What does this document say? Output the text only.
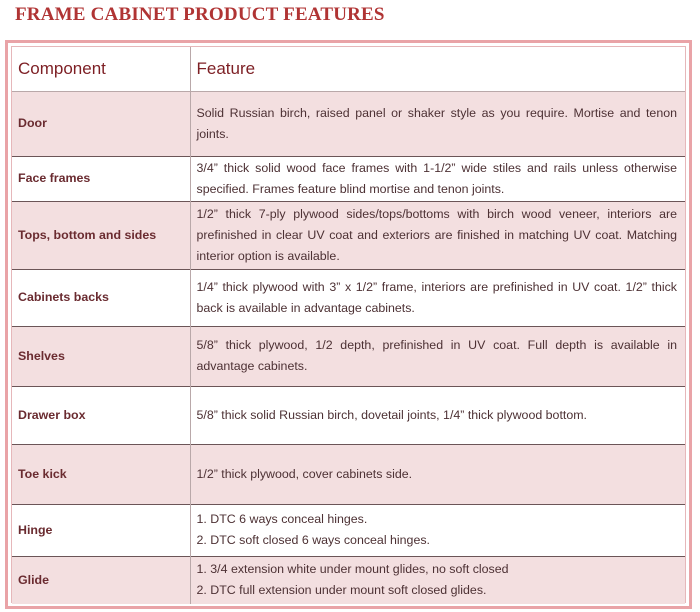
FRAME CABINET PRODUCT FEATURES
Component	Feature
Door	Solid Russian birch, raised panel or shaker style as you require. Mortise and tenon joints.

Face frames	3/4” thick solid wood face frames with 1-1/2” wide stiles and rails unless otherwise specified. Frames feature blind mortise and tenon joints.

Tops, bottom and sides	1/2” thick 7-ply plywood sides/tops/bottoms with birch wood veneer, interiors are prefinished in clear UV coat and exteriors are finished in matching UV coat. Matching interior option is available.

Cabinets backs	1/4” thick plywood with 3” x 1/2” frame, interiors are prefinished in UV coat. 1/2” thick back is available in advantage cabinets.

Shelves	5/8” thick plywood, 1/2 depth, prefinished in UV coat. Full depth is available in advantage cabinets.

Drawer box	5/8” thick solid Russian birch, dovetail joints, 1/4” thick plywood bottom.

Toe kick	1/2” thick plywood, cover cabinets side.

Hinge	1. DTC 6 ways conceal hinges.
2. DTC soft closed 6 ways conceal hinges.

Glide	1. 3/4 extension white under mount glides, no soft closed
2. DTC full extension under mount soft closed glides.
